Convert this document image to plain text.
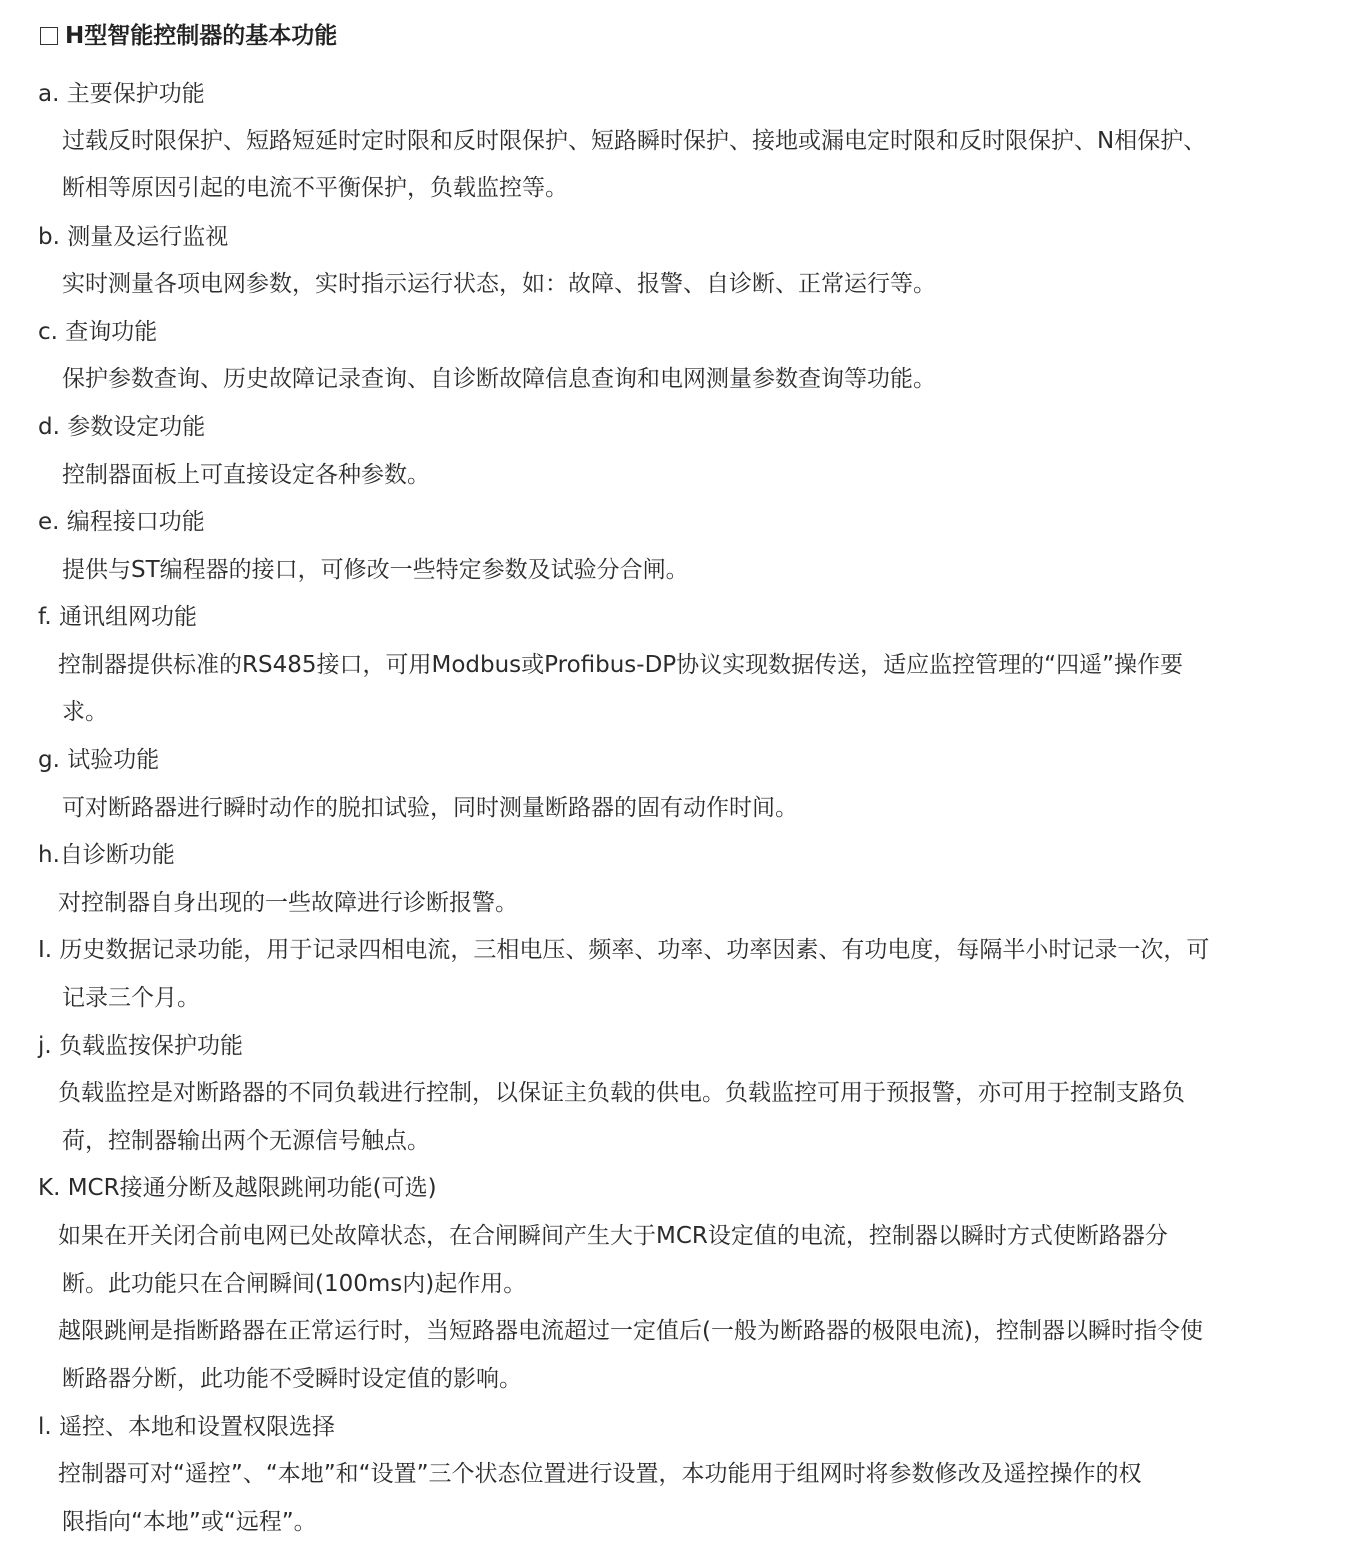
H型智能控制器的基本功能
a. 主要保护功能
过载反时限保护、短路短延时定时限和反时限保护、短路瞬时保护、接地或漏电定时限和反时限保护、N相保护、
断相等原因引起的电流不平衡保护，负载监控等。
b. 测量及运行监视
实时测量各项电网参数，实时指示运行状态，如：故障、报警、自诊断、正常运行等。
c. 查询功能
保护参数查询、历史故障记录查询、自诊断故障信息查询和电网测量参数查询等功能。
d. 参数设定功能
控制器面板上可直接设定各种参数。
e. 编程接口功能
提供与ST编程器的接口，可修改一些特定参数及试验分合闸。
f. 通讯组网功能
控制器提供标准的RS485接口，可用Modbus或Profibus-DP协议实现数据传送，适应监控管理的“四遥”操作要
求。
g. 试验功能
可对断路器进行瞬时动作的脱扣试验，同时测量断路器的固有动作时间。
h.自诊断功能
对控制器自身出现的一些故障进行诊断报警。
I. 历史数据记录功能，用于记录四相电流，三相电压、频率、功率、功率因素、有功电度，每隔半小时记录一次，可
记录三个月。
j. 负载监按保护功能
负载监控是对断路器的不同负载进行控制，以保证主负载的供电。负载监控可用于预报警，亦可用于控制支路负
荷，控制器输出两个无源信号触点。
K. MCR接通分断及越限跳闸功能(可选)
如果在开关闭合前电网已处故障状态，在合闸瞬间产生大于MCR设定值的电流，控制器以瞬时方式使断路器分
断。此功能只在合闸瞬间(100ms内)起作用。
越限跳闸是指断路器在正常运行时，当短路器电流超过一定值后(一般为断路器的极限电流)，控制器以瞬时指令使
断路器分断，此功能不受瞬时设定值的影响。
l. 遥控、本地和设置权限选择
控制器可对“遥控”、“本地”和“设置”三个状态位置进行设置，本功能用于组网时将参数修改及遥控操作的权
限指向“本地”或“远程”。
